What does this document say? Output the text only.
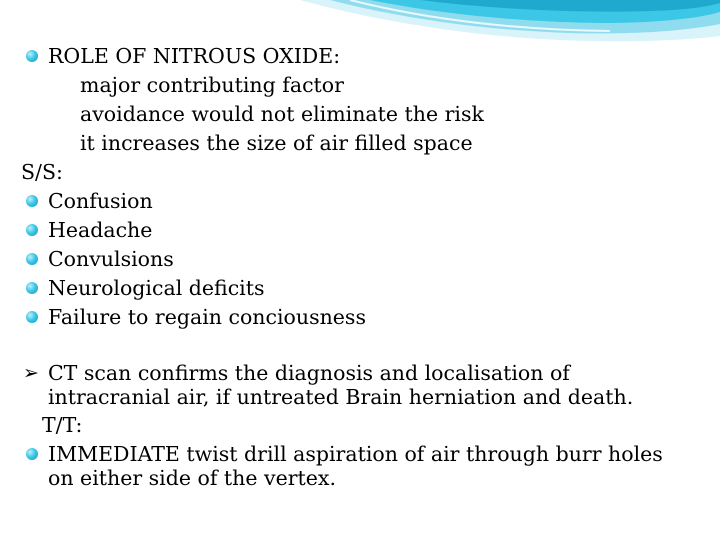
ROLE OF NITROUS OXIDE:
major contributing factor
avoidance would not eliminate the risk
it increases the size of air filled space
S/S:
Confusion
Headache
Convulsions
Neurological deficits
Failure to regain conciousness
➢ CT scan confirms the diagnosis and localisation of
intracranial air, if untreated Brain herniation and death.
T/T:
IMMEDIATE twist drill aspiration of air through burr holes
on either side of the vertex.
